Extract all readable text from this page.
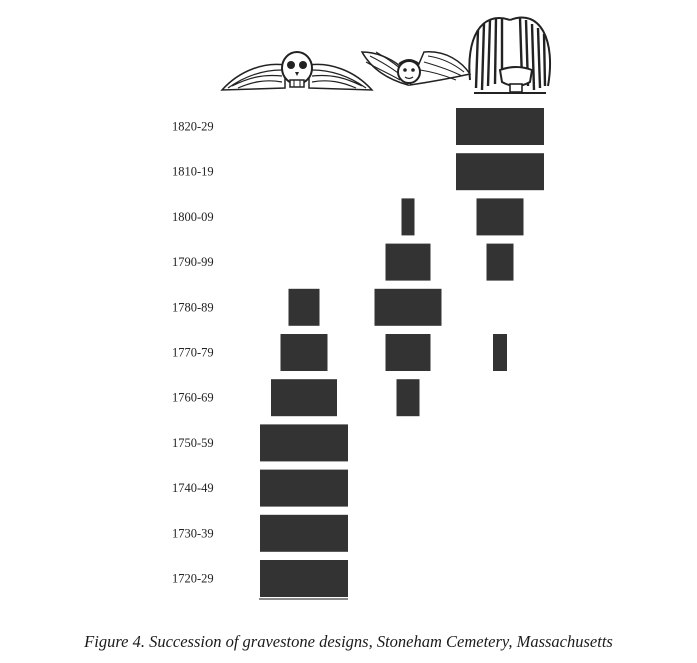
1720-29
1730-39
1740-49
1750-59
1760-69
1770-79
1780-89
1790-99
1800-09
1810-19
1820-29
Figure 4. Succession of gravestone designs, Stoneham Cemetery, Massachusetts
